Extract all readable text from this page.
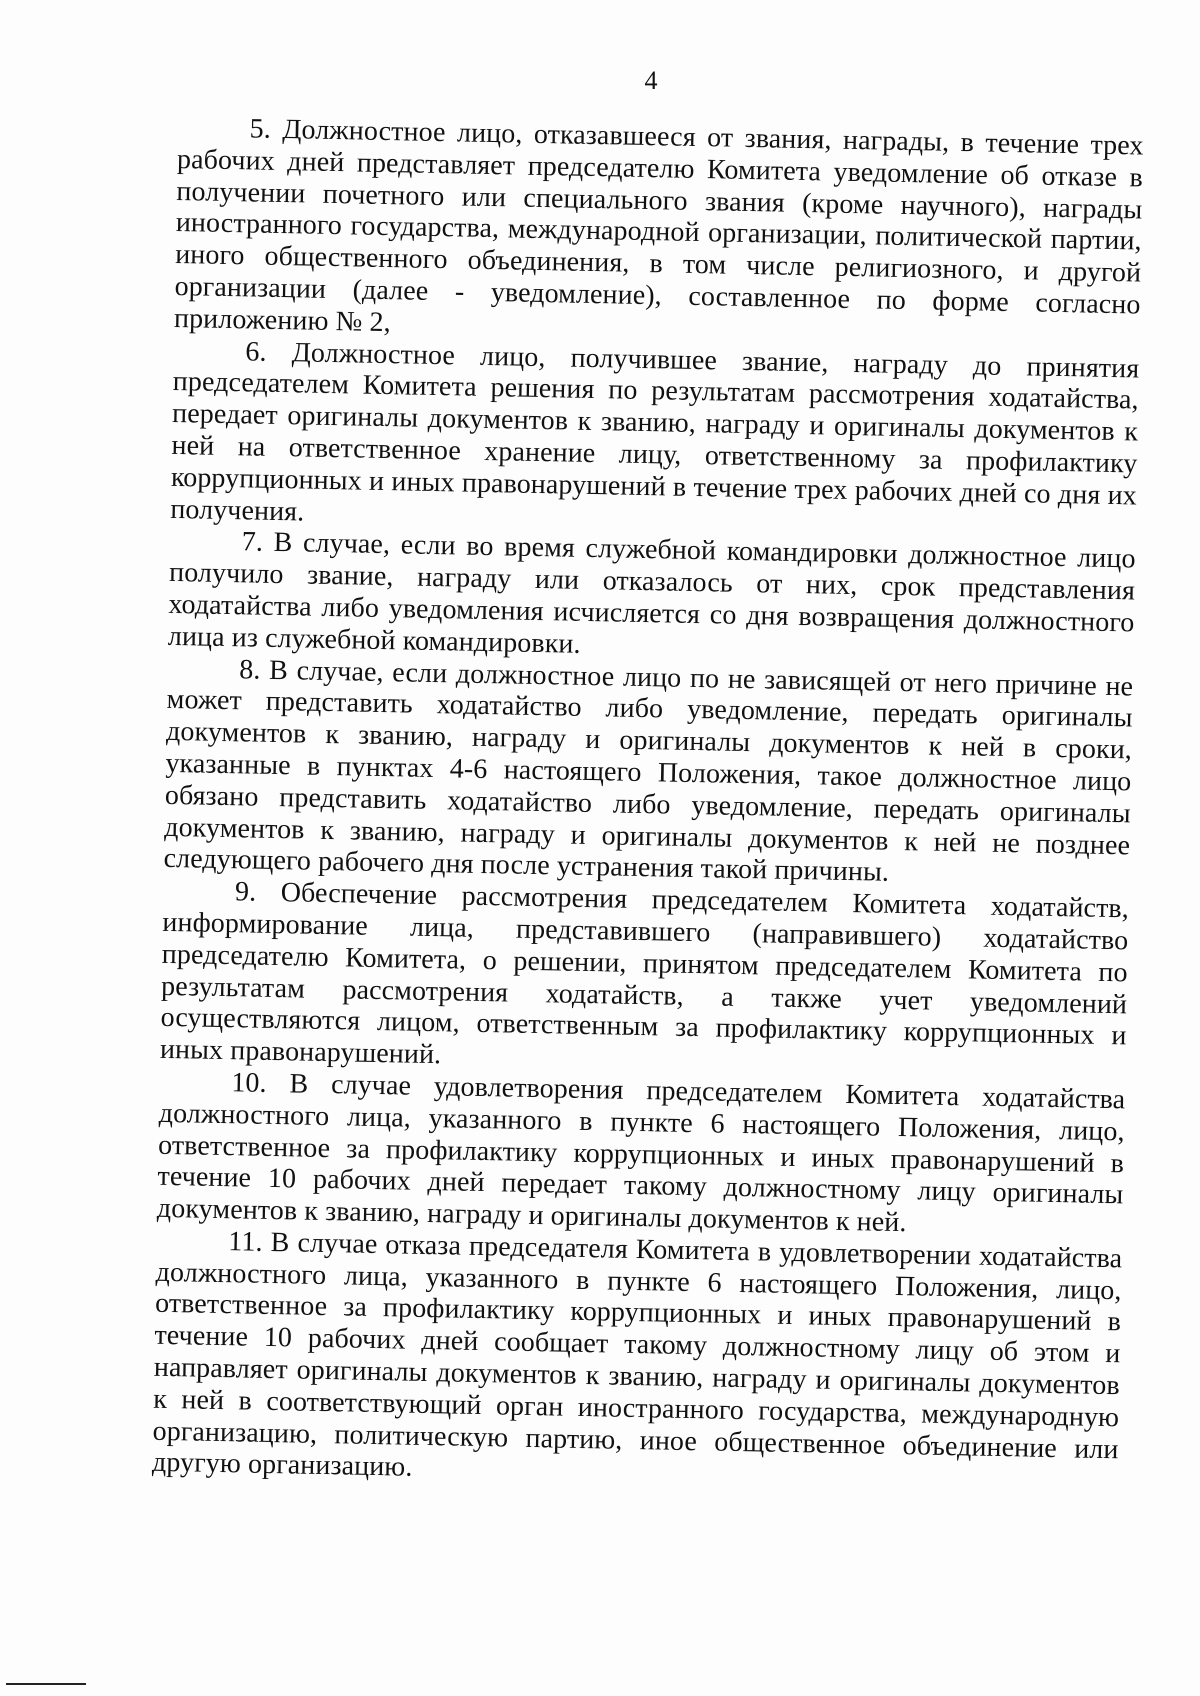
4

5. Должностное лицо, отказавшееся от звания, награды, в течение трех рабочих дней представляет председателю Комитета уведомление об отказе в получении почетного или специального звания (кроме научного), награды иностранного государства, международной организации, политической партии, иного общественного объединения, в том числе религиозного, и другой организации (далее - уведомление), составленное по форме согласно приложению № 2,

6. Должностное лицо, получившее звание, награду до принятия председателем Комитета решения по результатам рассмотрения ходатайства, передает оригиналы документов к званию, награду и оригиналы документов к ней на ответственное хранение лицу, ответственному за профилактику коррупционных и иных правонарушений в течение трех рабочих дней со дня их получения.

7. В случае, если во время служебной командировки должностное лицо получило звание, награду или отказалось от них, срок представления ходатайства либо уведомления исчисляется со дня возвращения должностного лица из служебной командировки.

8. В случае, если должностное лицо по не зависящей от него причине не может представить ходатайство либо уведомление, передать оригиналы документов к званию, награду и оригиналы документов к ней в сроки, указанные в пунктах 4-6 настоящего Положения, такое должностное лицо обязано представить ходатайство либо уведомление, передать оригиналы документов к званию, награду и оригиналы документов к ней не позднее следующего рабочего дня после устранения такой причины.

9. Обеспечение рассмотрения председателем Комитета ходатайств, информирование лица, представившего (направившего) ходатайство председателю Комитета, о решении, принятом председателем Комитета по результатам рассмотрения ходатайств, а также учет уведомлений осуществляются лицом, ответственным за профилактику коррупционных и иных правонарушений.

10. В случае удовлетворения председателем Комитета ходатайства должностного лица, указанного в пункте 6 настоящего Положения, лицо, ответственное за профилактику коррупционных и иных правонарушений в течение 10 рабочих дней передает такому должностному лицу оригиналы документов к званию, награду и оригиналы документов к ней.

11. В случае отказа председателя Комитета в удовлетворении ходатайства должностного лица, указанного в пункте 6 настоящего Положения, лицо, ответственное за профилактику коррупционных и иных правонарушений в течение 10 рабочих дней сообщает такому должностному лицу об этом и направляет оригиналы документов к званию, награду и оригиналы документов к ней в соответствующий орган иностранного государства, международную организацию, политическую партию, иное общественное объединение или другую организацию.
